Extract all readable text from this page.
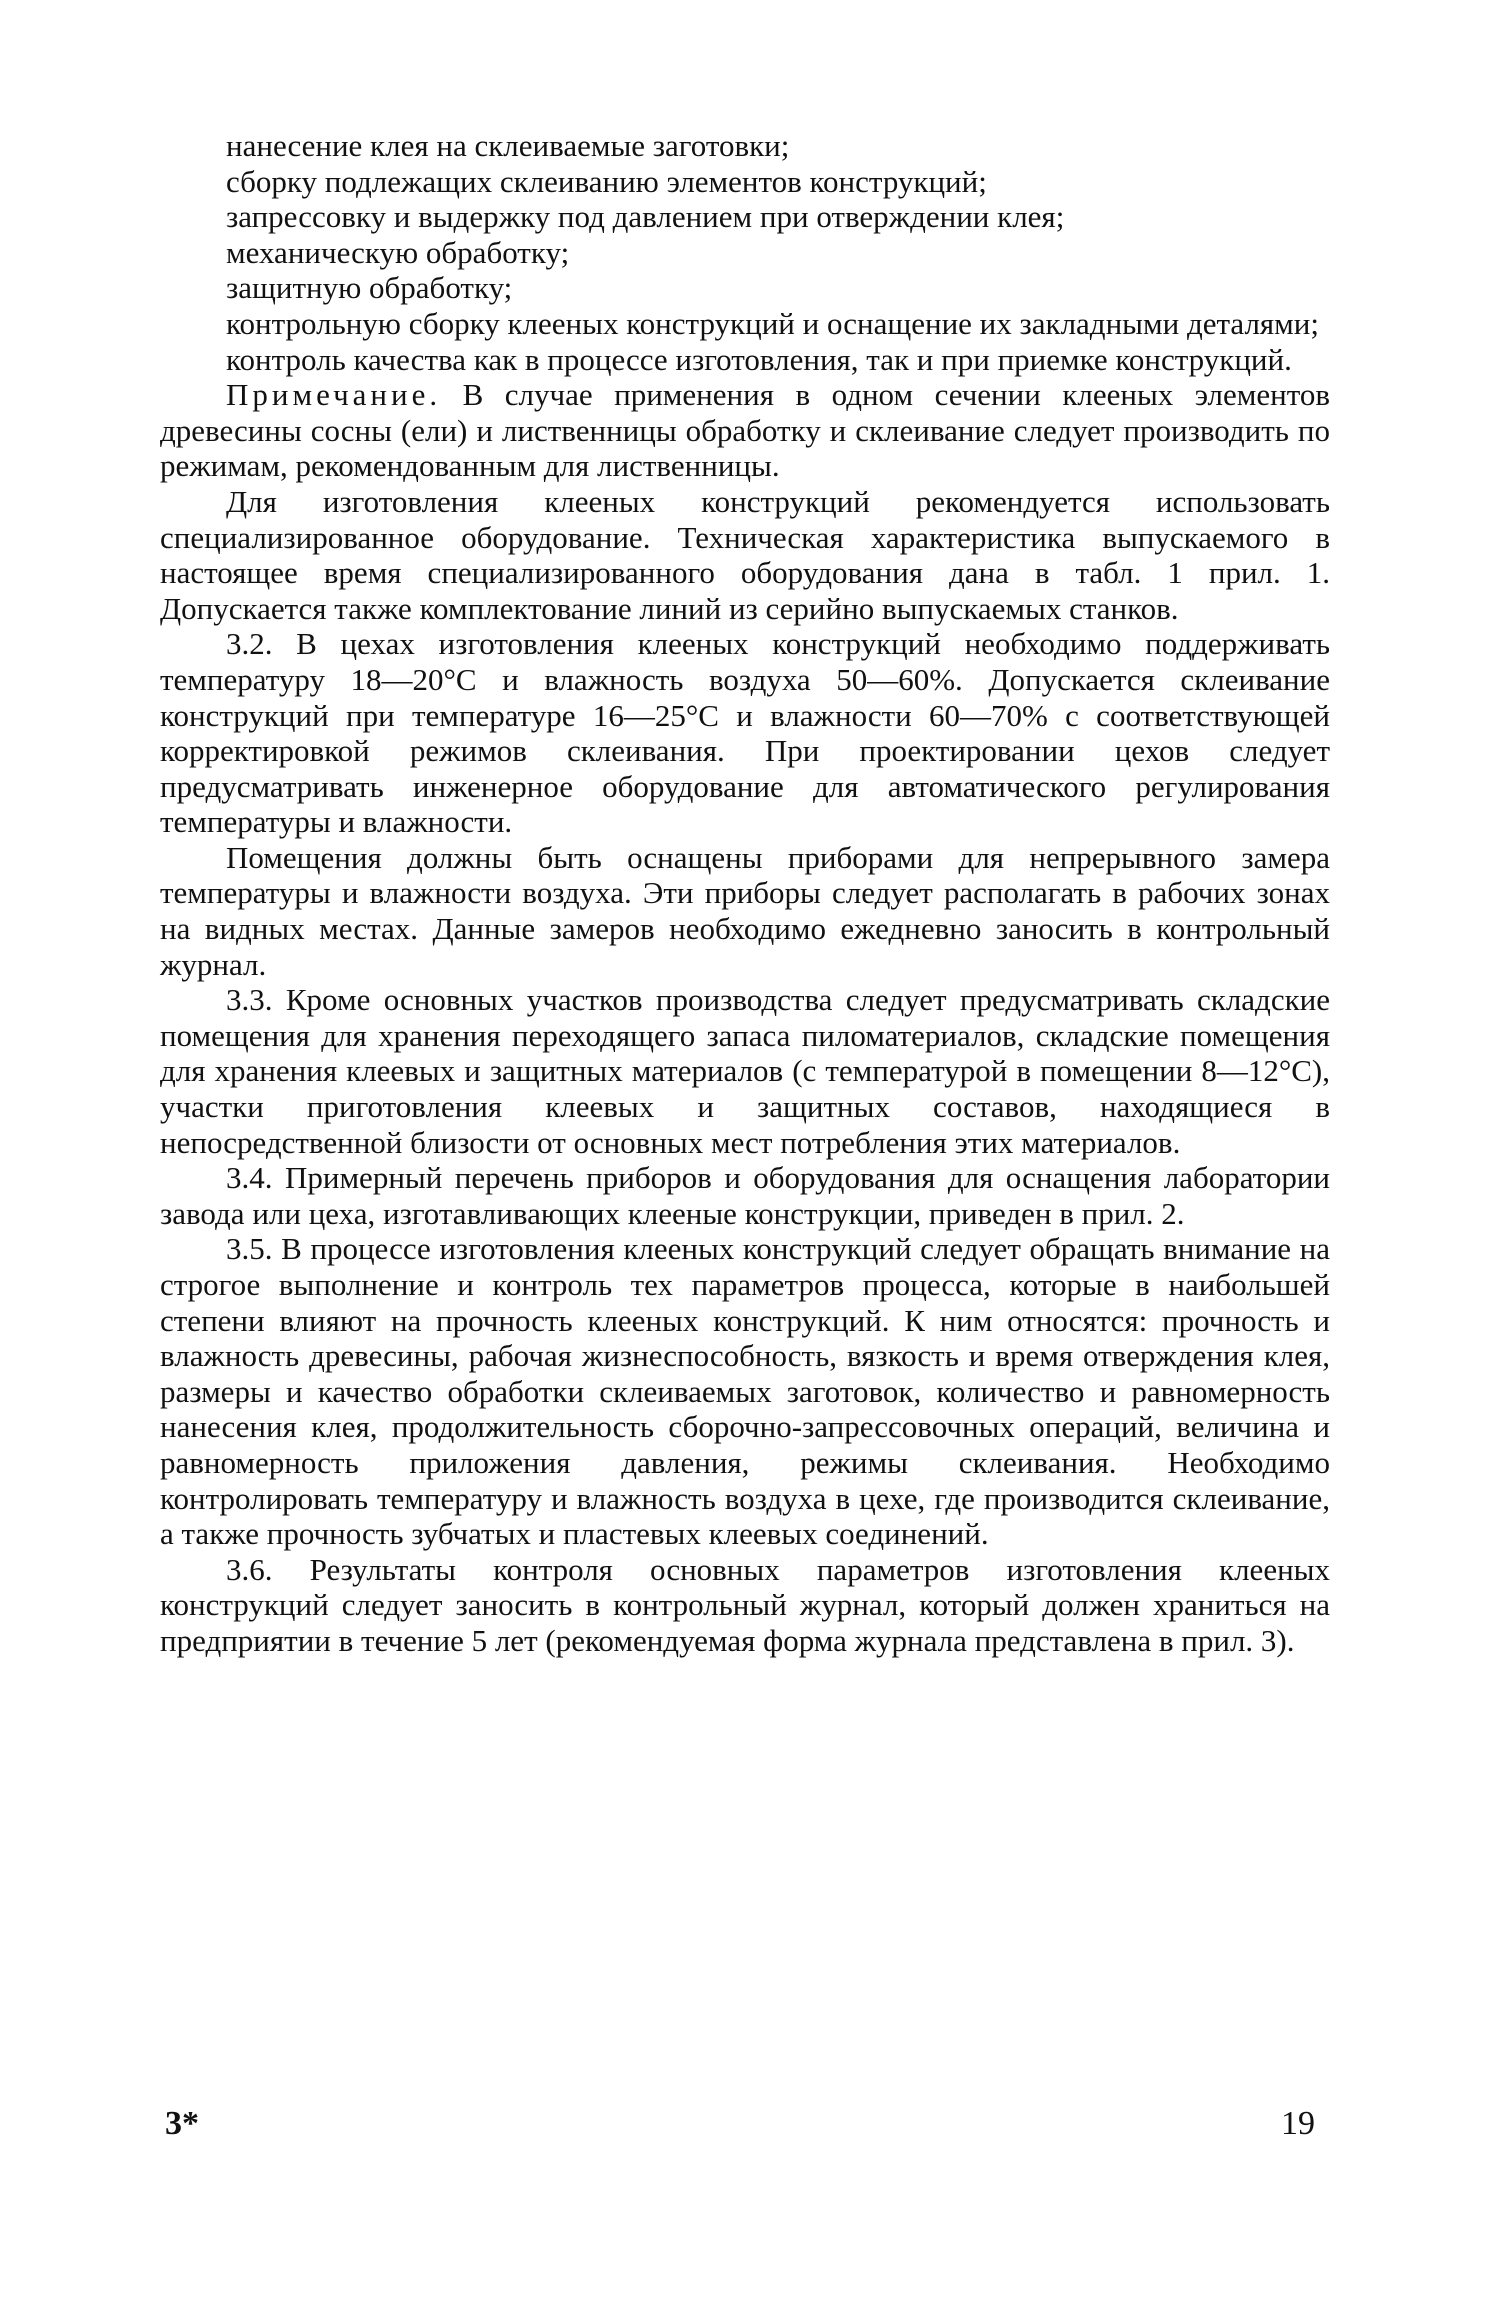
нанесение клея на склеиваемые заготовки;

сборку подлежащих склеиванию элементов конструкций;

запрессовку и выдержку под давлением при отверждении клея;

механическую обработку;

защитную обработку;

контрольную сборку клееных конструкций и оснащение их закладными деталями;

контроль качества как в процессе изготовления, так и при приемке конструкций.

Примечание. В случае применения в одном сечении клееных элементов древесины сосны (ели) и лиственницы обработку и склеивание следует производить по режимам, рекомендованным для лиственницы.

Для изготовления клееных конструкций рекомендуется использовать специализированное оборудование. Техническая характеристика выпускаемого в настоящее время специализированного оборудования дана в табл. 1 прил. 1. Допускается также комплектование линий из серийно выпускаемых станков.

3.2. В цехах изготовления клееных конструкций необходимо поддерживать температуру 18—20°С и влажность воздуха 50—60%. Допускается склеивание конструкций при температуре 16—25°С и влажности 60—70% с соответствующей корректировкой режимов склеивания. При проектировании цехов следует предусматривать инженерное оборудование для автоматического регулирования температуры и влажности.

Помещения должны быть оснащены приборами для непрерывного замера температуры и влажности воздуха. Эти приборы следует располагать в рабочих зонах на видных местах. Данные замеров необходимо ежедневно заносить в контрольный журнал.

3.3. Кроме основных участков производства следует предусматривать складские помещения для хранения переходящего запаса пиломатериалов, складские помещения для хранения клеевых и защитных материалов (с температурой в помещении 8—12°С), участки приготовления клеевых и защитных составов, находящиеся в непосредственной близости от основных мест потребления этих материалов.

3.4. Примерный перечень приборов и оборудования для оснащения лаборатории завода или цеха, изготавливающих клееные конструкции, приведен в прил. 2.

3.5. В процессе изготовления клееных конструкций следует обращать внимание на строгое выполнение и контроль тех параметров процесса, которые в наибольшей степени влияют на прочность клееных конструкций. К ним относятся: прочность и влажность древесины, рабочая жизнеспособность, вязкость и время отверждения клея, размеры и качество обработки склеиваемых заготовок, количество и равномерность нанесения клея, продолжительность сборочно-запрессовочных операций, величина и равномерность приложения давления, режимы склеивания. Необходимо контролировать температуру и влажность воздуха в цехе, где производится склеивание, а также прочность зубчатых и пластевых клеевых соединений.

3.6. Результаты контроля основных параметров изготовления клееных конструкций следует заносить в контрольный журнал, который должен храниться на предприятии в течение 5 лет (рекомендуемая форма журнала представлена в прил. 3).

3*	19
